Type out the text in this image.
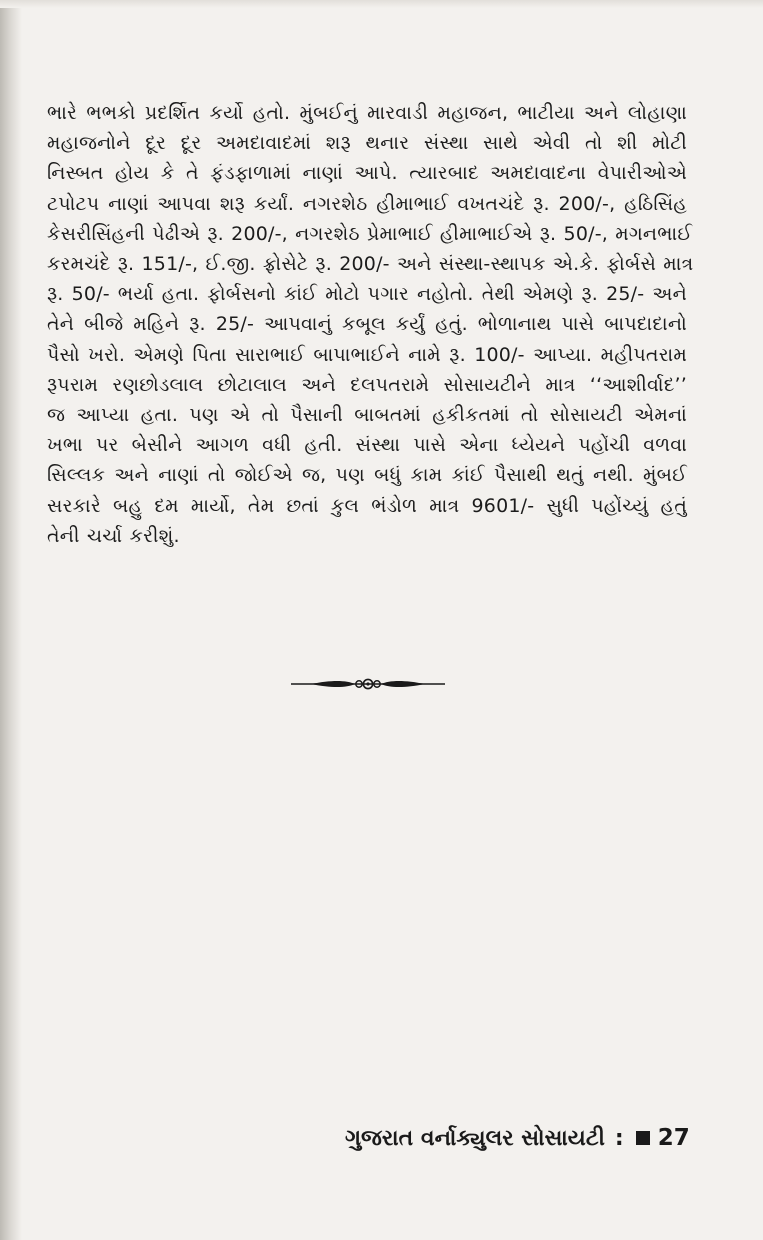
ભારે ભભકો પ્રદર્શિત કર્યો હતો. મુંબઈનું મારવાડી મહાજન, ભાટીયા અને લોહાણા
મહાજનોને દૂર દૂર અમદાવાદમાં શરૂ થનાર સંસ્થા સાથે એવી તો શી મોટી
નિસ્બત હોય કે તે ફંડફાળામાં નાણાં આપે. ત્યારબાદ અમદાવાદના વેપારીઓએ
ટપોટપ નાણાં આપવા શરૂ કર્યાં. નગરશેઠ હીમાભાઈ વખતચંદે રૂ. 200/-, હઠિસિંહ
કેસરીસિંહની પેઢીએ રૂ. 200/-, નગરશેઠ પ્રેમાભાઈ હીમાભાઈએ રૂ. 50/-, મગનભાઈ
કરમચંદે રૂ. 151/-, ઈ.જી. ફ્રોસેટે રૂ. 200/- અને સંસ્થા-સ્થાપક એ.કે. ફોર્બસે માત્ર
રૂ. 50/- ભર્યા હતા. ફોર્બસનો કાંઈ મોટો પગાર નહોતો. તેથી એમણે રૂ. 25/- અને
તેને બીજે મહિને રૂ. 25/- આપવાનું કબૂલ કર્યું હતું. ભોળાનાથ પાસે બાપદાદાનો
પૈસો ખરો. એમણે પિતા સારાભાઈ બાપાભાઈને નામે રૂ. 100/- આપ્યા. મહીપતરામ
રૂપરામ રણછોડલાલ છોટાલાલ અને દલપતરામે સોસાયટીને માત્ર ‘‘આશીર્વાદ’’
જ આપ્યા હતા. પણ એ તો પૈસાની બાબતમાં હકીકતમાં તો સોસાયટી એમનાં
ખભા પર બેસીને આગળ વધી હતી. સંસ્થા પાસે એના ધ્યેયને પહોંચી વળવા
સિલ્લક અને નાણાં તો જોઈએ જ, પણ બધું કામ કાંઈ પૈસાથી થતું નથી. મુંબઈ
સરકારે બહુ દમ માર્યો, તેમ છતાં કુલ ભંડોળ માત્ર 9601/- સુધી પહોંચ્યું હતું
તેની ચર્ચા કરીશું.
ગુજરાત વર્નાક્યુલર સોસાયટી : 27
